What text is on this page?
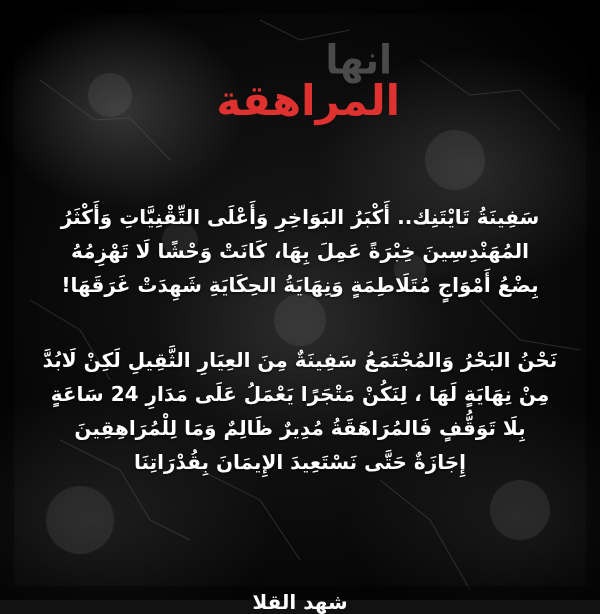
انها
المراهقة
سَفِينَةُ تَايْتَنِك.. أَكْبَرُ البَوَاخِرِ وَأَعْلَى التِّقْنِيَّاتِ وَأَكْثَرُ
المُهَنْدِسِينَ خِبْرَةً عَمِلَ بِهَا، كَانَتْ وَحْشًا لَا تَهْزِمُهُ
بِضْعُ أَمْوَاجٍ مُتَلَاطِمَةٍ وَنِهَايَةُ الحِكَايَةِ شَهِدَتْ غَرَقَهَا!
نَحْنُ البَحْرُ وَالمُجْتَمَعُ سَفِينَةٌ مِنَ العِيَارِ الثَّقِيلِ لَكِنْ لَابُدَّ
مِنْ نِهَايَةٍ لَهَا ، لِنَكُنْ مَتْجَرًا يَعْمَلُ عَلَى مَدَارِ 24 سَاعَةٍ
بِلَا تَوَقُّفٍ فَالمُرَاهَقَةُ مُدِيرٌ ظَالِمٌ وَمَا لِلْمُرَاهِقِينَ
إِجَازَةٌ حَتَّى نَسْتَعِيدَ الإِيمَانَ بِقُدْرَاتِنَا
شهد القلا
